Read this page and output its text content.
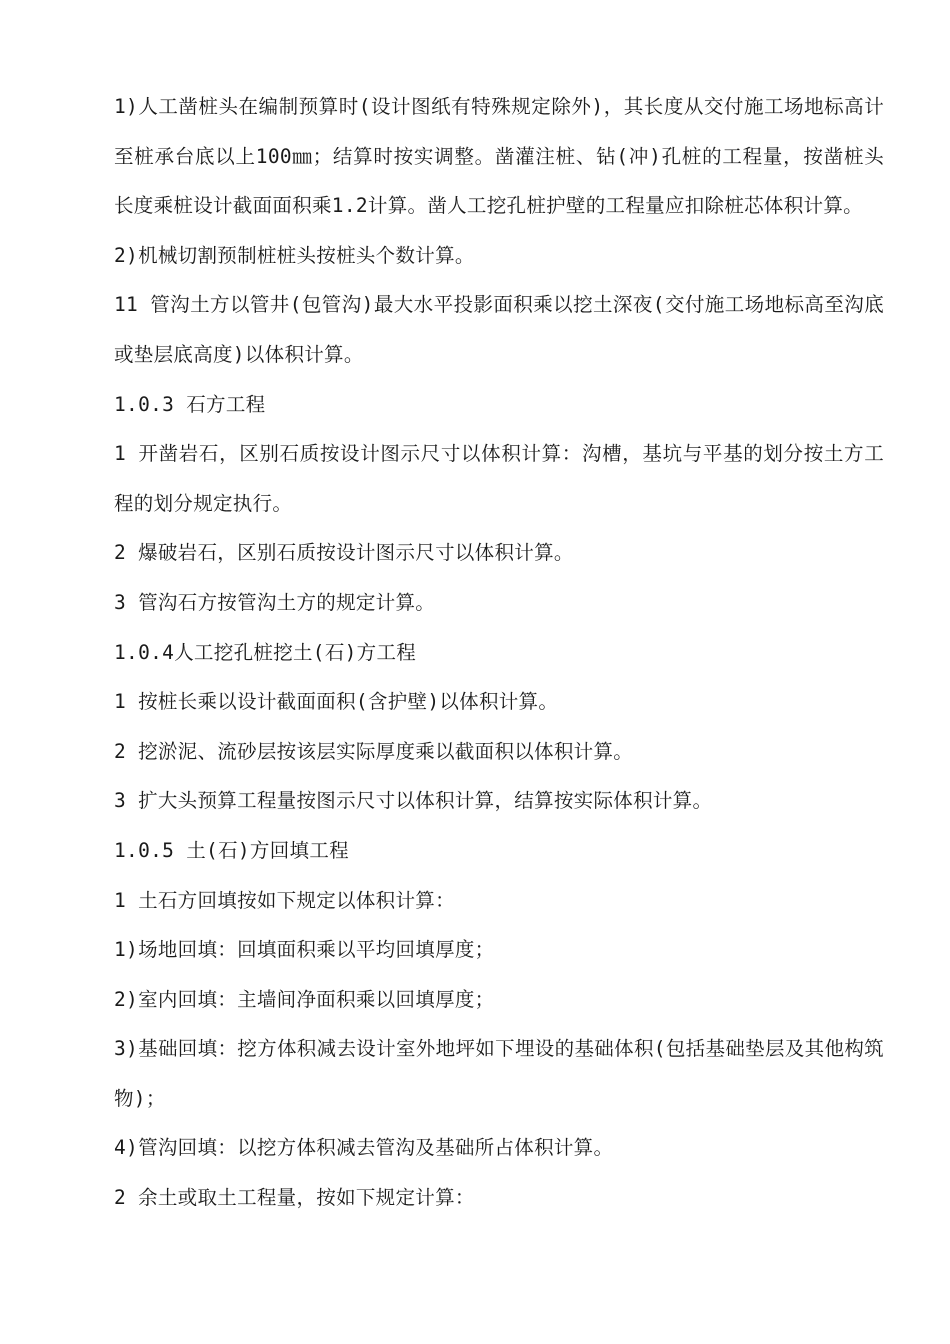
1)人工凿桩头在编制预算时(设计图纸有特殊规定除外)，其长度从交付施工场地标高计至桩承台底以上100㎜；结算时按实调整。凿灌注桩、钻(冲)孔桩的工程量，按凿桩头长度乘桩设计截面面积乘1.2计算。凿人工挖孔桩护壁的工程量应扣除桩芯体积计算。

2)机械切割预制桩桩头按桩头个数计算。

11 管沟土方以管井(包管沟)最大水平投影面积乘以挖土深夜(交付施工场地标高至沟底或垫层底高度)以体积计算。

1.0.3 石方工程

1 开凿岩石，区别石质按设计图示尺寸以体积计算：沟槽，基坑与平基的划分按土方工程的划分规定执行。

2 爆破岩石，区别石质按设计图示尺寸以体积计算。

3 管沟石方按管沟土方的规定计算。

1.0.4人工挖孔桩挖土(石)方工程

1 按桩长乘以设计截面面积(含护壁)以体积计算。

2 挖淤泥、流砂层按该层实际厚度乘以截面积以体积计算。

3 扩大头预算工程量按图示尺寸以体积计算，结算按实际体积计算。

1.0.5 土(石)方回填工程

1 土石方回填按如下规定以体积计算：

1)场地回填：回填面积乘以平均回填厚度；

2)室内回填：主墙间净面积乘以回填厚度；

3)基础回填：挖方体积减去设计室外地坪如下埋设的基础体积(包括基础垫层及其他构筑物)；

4)管沟回填：以挖方体积减去管沟及基础所占体积计算。

2 余土或取土工程量，按如下规定计算：
